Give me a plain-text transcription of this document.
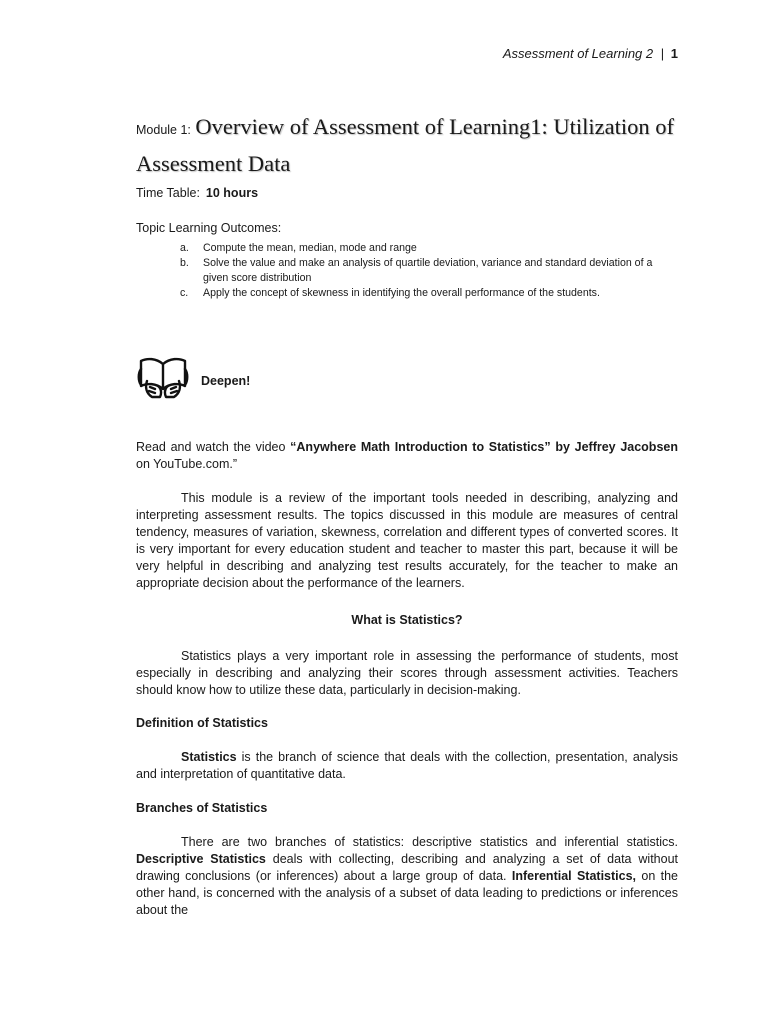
Assessment of Learning 2 | 1
Module 1: Overview of Assessment of Learning1: Utilization of Assessment Data
Time Table: 10 hours
Topic Learning Outcomes:
a.	Compute the mean, median, mode and range
b.	Solve the value and make an analysis of quartile deviation, variance and standard deviation of a given score distribution
c.	Apply the concept of skewness in identifying the overall performance of the students.
Deepen!

Read and watch the video “Anywhere Math Introduction to Statistics” by Jeffrey Jacobsen on YouTube.com.”

This module is a review of the important tools needed in describing, analyzing and interpreting assessment results. The topics discussed in this module are measures of central tendency, measures of variation, skewness, correlation and different types of converted scores. It is very important for every education student and teacher to master this part, because it will be very helpful in describing and analyzing test results accurately, for the teacher to make an appropriate decision about the performance of the learners.

What is Statistics?

Statistics plays a very important role in assessing the performance of students, most especially in describing and analyzing their scores through assessment activities. Teachers should know how to utilize these data, particularly in decision-making.

Definition of Statistics

Statistics is the branch of science that deals with the collection, presentation, analysis and interpretation of quantitative data.

Branches of Statistics

There are two branches of statistics: descriptive statistics and inferential statistics. Descriptive Statistics deals with collecting, describing and analyzing a set of data without drawing conclusions (or inferences) about a large group of data. Inferential Statistics, on the other hand, is concerned with the analysis of a subset of data leading to predictions or inferences about the
